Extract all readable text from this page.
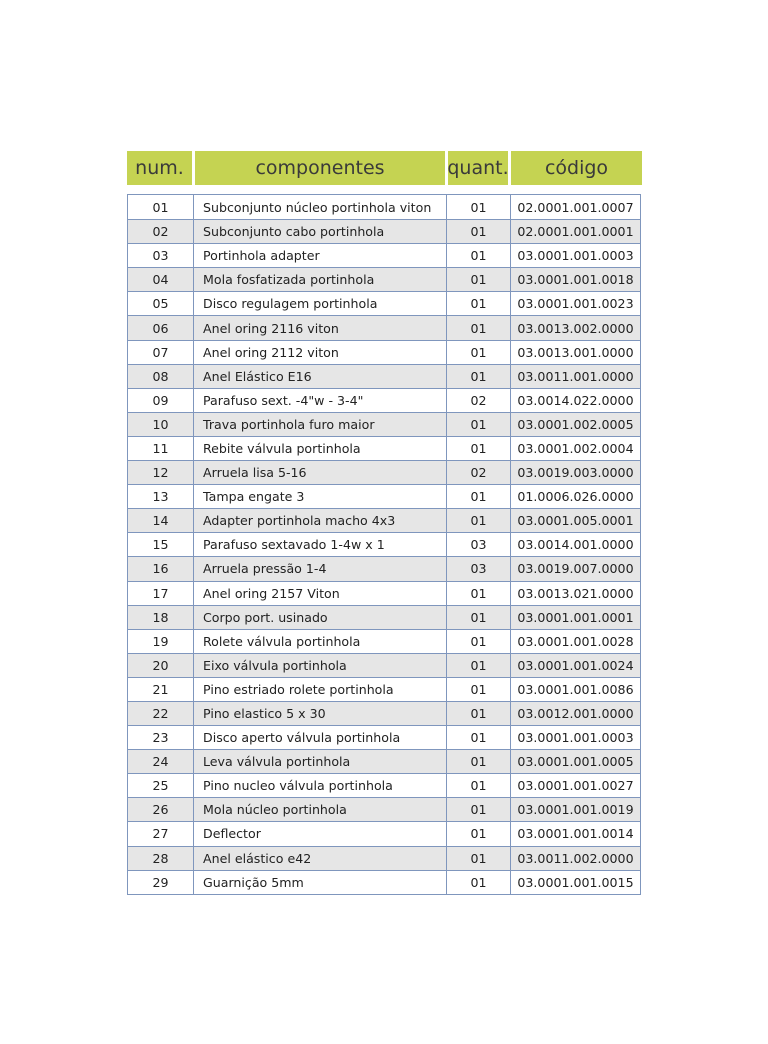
num.	componentes	quant.	código
01	Subconjunto núcleo portinhola viton	01	02.0001.001.0007
02	Subconjunto cabo portinhola	01	02.0001.001.0001
03	Portinhola adapter	01	03.0001.001.0003
04	Mola fosfatizada portinhola	01	03.0001.001.0018
05	Disco regulagem portinhola	01	03.0001.001.0023
06	Anel oring 2116 viton	01	03.0013.002.0000
07	Anel oring 2112 viton	01	03.0013.001.0000
08	Anel Elástico E16	01	03.0011.001.0000
09	Parafuso sext. -4"w - 3-4"	02	03.0014.022.0000
10	Trava portinhola furo maior	01	03.0001.002.0005
11	Rebite válvula portinhola	01	03.0001.002.0004
12	Arruela lisa 5-16	02	03.0019.003.0000
13	Tampa engate 3	01	01.0006.026.0000
14	Adapter portinhola macho 4x3	01	03.0001.005.0001
15	Parafuso sextavado 1-4w x 1	03	03.0014.001.0000
16	Arruela pressão 1-4	03	03.0019.007.0000
17	Anel oring 2157 Viton	01	03.0013.021.0000
18	Corpo port. usinado	01	03.0001.001.0001
19	Rolete válvula portinhola	01	03.0001.001.0028
20	Eixo válvula portinhola	01	03.0001.001.0024
21	Pino estriado rolete portinhola	01	03.0001.001.0086
22	Pino elastico 5 x 30	01	03.0012.001.0000
23	Disco aperto válvula portinhola	01	03.0001.001.0003
24	Leva válvula portinhola	01	03.0001.001.0005
25	Pino nucleo válvula portinhola	01	03.0001.001.0027
26	Mola núcleo portinhola	01	03.0001.001.0019
27	Deflector	01	03.0001.001.0014
28	Anel elástico e42	01	03.0011.002.0000
29	Guarnição 5mm	01	03.0001.001.0015
